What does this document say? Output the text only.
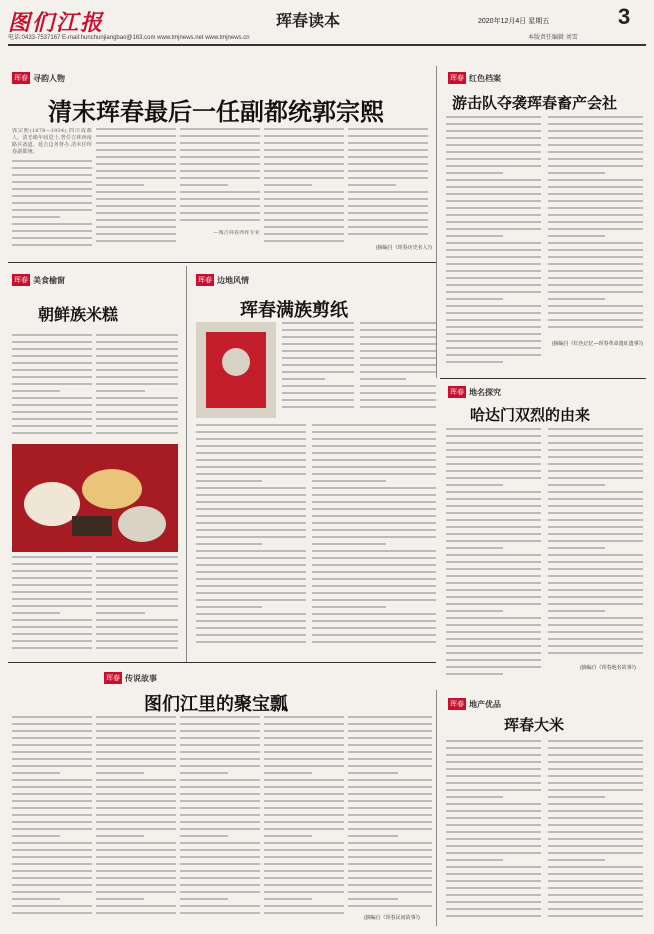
图们江报	珲春读本	2020年12月4日 星期五	3
电话:0433-7537167 E-mail:hunchunjiangbao@163.com www.tmjnews.net www.tmjnews.cn	本版责任编辑 刘雪
珲春 寻韵人物
清末珲春最后一任副都统郭宗熙
郭宗熙(1878—1934),四川成都人。清光绪年间进士,曾任吉林西南路兵备道、延吉边务督办,清末任珲春副都统。
—城吉林春西珲专业
(摘编自《珲春历史名人》)
珲春 红色档案
游击队夺袭珲春畜产会社
(摘编自《红色记忆—珲春革命遗址遗事》)
珲春 美食榆窗
朝鲜族米糕
珲春 边地风情
珲春满族剪纸
珲春 地名探究
哈达门双烈的由来
(摘编自《珲春地名故事》)
珲春 传说故事
图们江里的聚宝瓢
(摘编自《珲春民间故事》)
珲春 地产优品
珲春大米
